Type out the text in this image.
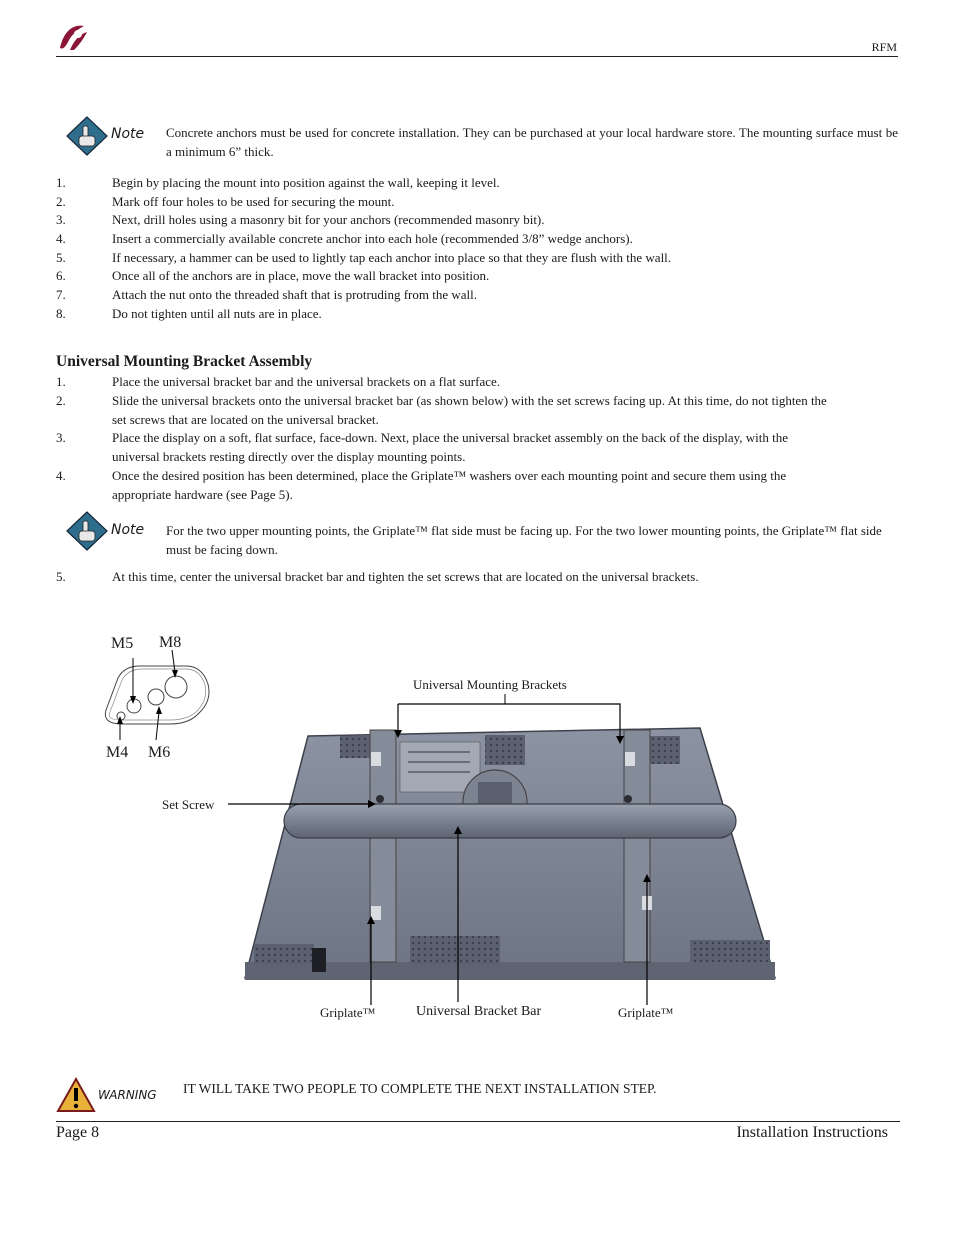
RFM
Note Concrete anchors must be used for concrete installation. They can be purchased at your local hardware store. The mounting surface must be a minimum 6” thick.
1.	Begin by placing the mount into position against the wall, keeping it level.
2.	Mark off four holes to be used for securing the mount.
3.	Next, drill holes using a masonry bit for your anchors (recommended masonry bit).
4.	Insert a commercially available concrete anchor into each hole (recommended 3/8” wedge anchors).
5.	If necessary, a hammer can be used to lightly tap each anchor into place so that they are flush with the wall.
6.	Once all of the anchors are in place, move the wall bracket into position.
7.	Attach the nut onto the threaded shaft that is protruding from the wall.
8.	Do not tighten until all nuts are in place.
Universal Mounting Bracket Assembly
1.	Place the universal bracket bar and the universal brackets on a flat surface.
2.	Slide the universal brackets onto the universal bracket bar (as shown below) with the set screws facing up. At this time, do not tighten the set screws that are located on the universal bracket.
3.	Place the display on a soft, flat surface, face-down. Next, place the universal bracket assembly on the back of the display, with the universal brackets resting directly over the display mounting points.
4.	Once the desired position has been determined, place the Griplate™ washers over each mounting point and secure them using the appropriate hardware (see Page 5).
Note For the two upper mounting points, the Griplate™ flat side must be facing up. For the two lower mounting points, the Griplate™ flat side must be facing down.
5.	At this time, center the universal bracket bar and tighten the set screws that are located on the universal brackets.
M5 M8
M4 M6
Universal Mounting Brackets
Set Screw
Griplate™	Universal Bracket Bar	Griplate™
WARNING IT WILL TAKE TWO PEOPLE TO COMPLETE THE NEXT INSTALLATION STEP.
Page 8	Installation Instructions
